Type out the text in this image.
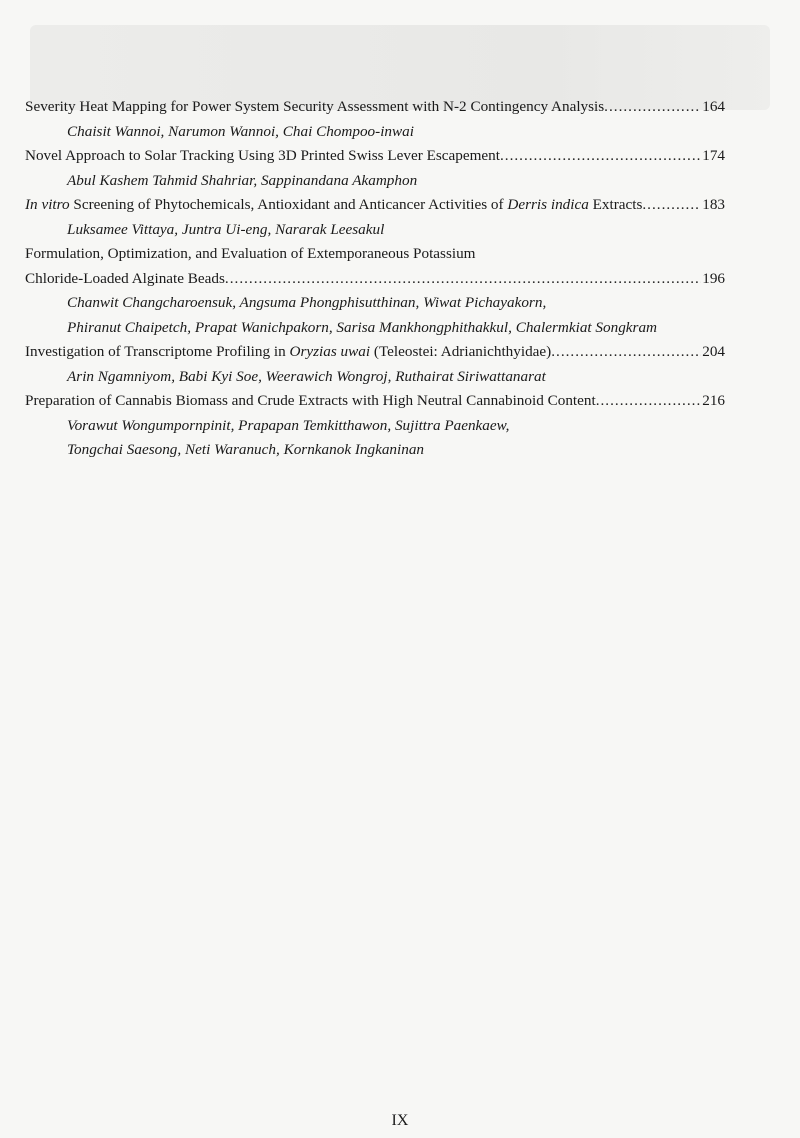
Severity Heat Mapping for Power System Security Assessment with N-2 Contingency Analysis .....	164
Chaisit Wannoi, Narumon Wannoi, Chai Chompoo-inwai
Novel Approach to Solar Tracking Using 3D Printed Swiss Lever Escapement .....	174
Abul Kashem Tahmid Shahriar, Sappinandana Akamphon
In vitro Screening of Phytochemicals, Antioxidant and Anticancer Activities of Derris indica Extracts .....	183
Luksamee Vittaya, Juntra Ui-eng, Nararak Leesakul
Formulation, Optimization, and Evaluation of Extemporaneous Potassium
Chloride-Loaded Alginate Beads .....	196
Chanwit Changcharoensuk, Angsuma Phongphisutthinan, Wiwat Pichayakorn,
Phiranut Chaipetch, Prapat Wanichpakorn, Sarisa Mankhongphithakkul, Chalermkiat Songkram
Investigation of Transcriptome Profiling in Oryzias uwai (Teleostei: Adrianichthyidae) .....	204
Arin Ngamniyom, Babi Kyi Soe, Weerawich Wongroj, Ruthairat Siriwattanarat
Preparation of Cannabis Biomass and Crude Extracts with High Neutral Cannabinoid Content .....	216
Vorawut Wongumpornpinit, Prapapan Temkitthawon, Sujittra Paenkaew,
Tongchai Saesong, Neti Waranuch, Kornkanok Ingkaninan
IX
